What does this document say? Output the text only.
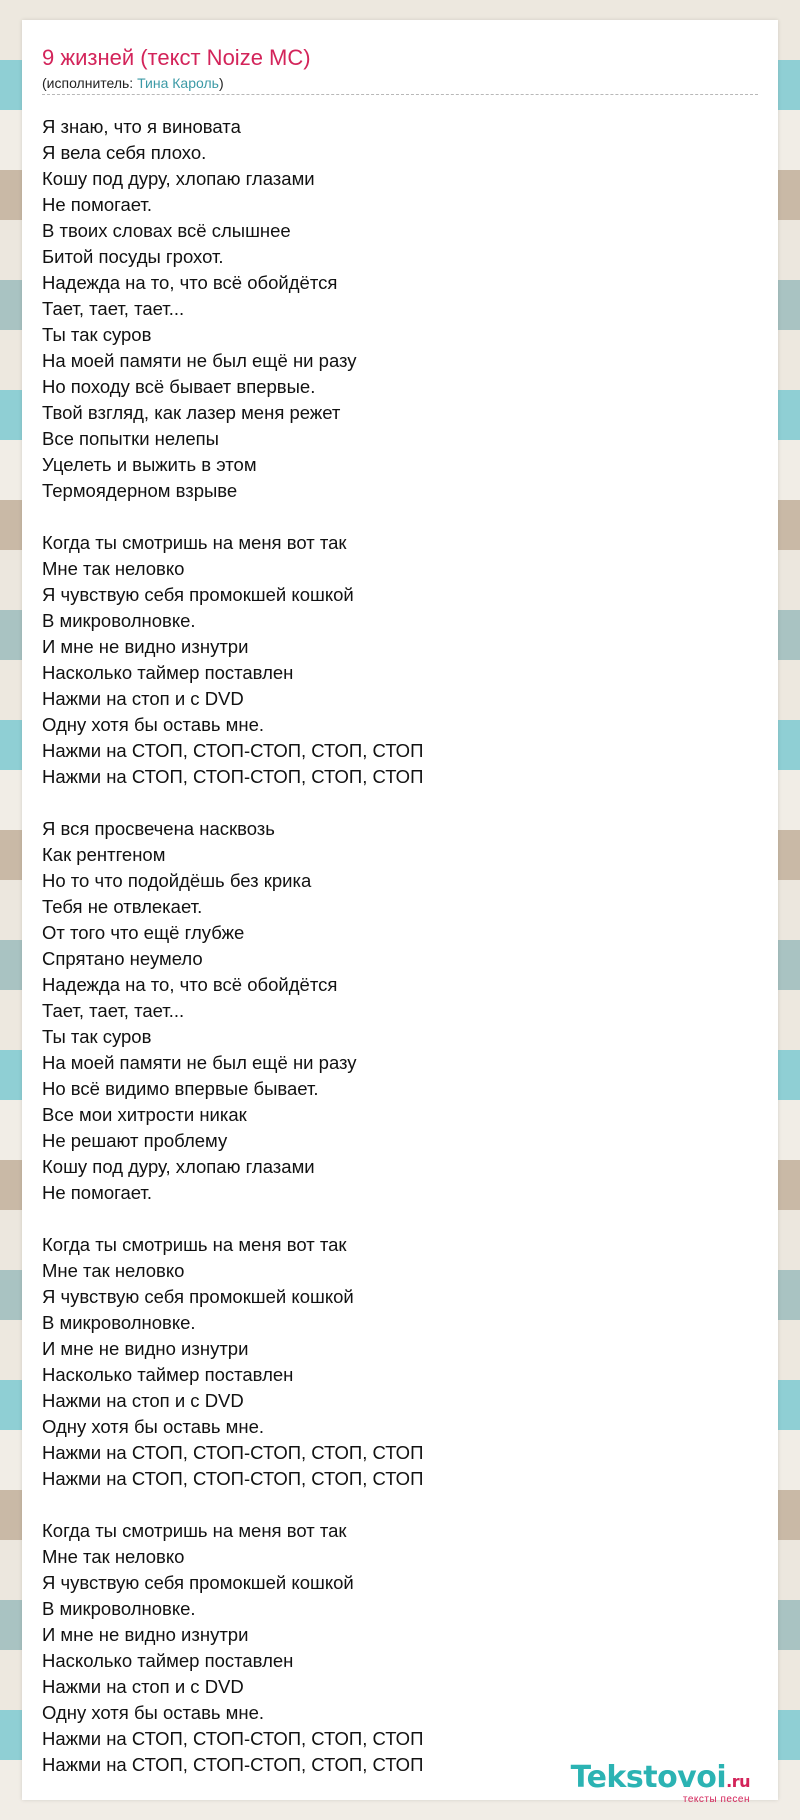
9 жизней (текст Noize MC)
(исполнитель: Тина Кароль)
Я знаю, что я виновата
Я вела себя плохо.
Кошу под дуру, хлопаю глазами
Не помогает.
В твоих словах всё слышнее
Битой посуды грохот.
Надежда на то, что всё обойдётся
Тает, тает, тает...
Ты так суров
На моей памяти не был ещё ни разу
Но походу всё бывает впервые.
Твой взгляд, как лазер меня режет
Все попытки нелепы
Уцелеть и выжить в этом
Термоядерном взрыве
Когда ты смотришь на меня вот так
Мне так неловко
Я чувствую себя промокшей кошкой
В микроволновке.
И мне не видно изнутри
Насколько таймер поставлен
Нажми на стоп и с DVD
Одну хотя бы оставь мне.
Нажми на СТОП, СТОП-СТОП, СТОП, СТОП
Нажми на СТОП, СТОП-СТОП, СТОП, СТОП
Я вся просвечена насквозь
Как рентгеном
Но то что подойдёшь без крика
Тебя не отвлекает.
От того что ещё глубже
Спрятано неумело
Надежда на то, что всё обойдётся
Тает, тает, тает...
Ты так суров
На моей памяти не был ещё ни разу
Но всё видимо впервые бывает.
Все мои хитрости никак
Не решают проблему
Кошу под дуру, хлопаю глазами
Не помогает.
Когда ты смотришь на меня вот так
Мне так неловко
Я чувствую себя промокшей кошкой
В микроволновке.
И мне не видно изнутри
Насколько таймер поставлен
Нажми на стоп и с DVD
Одну хотя бы оставь мне.
Нажми на СТОП, СТОП-СТОП, СТОП, СТОП
Нажми на СТОП, СТОП-СТОП, СТОП, СТОП
Когда ты смотришь на меня вот так
Мне так неловко
Я чувствую себя промокшей кошкой
В микроволновке.
И мне не видно изнутри
Насколько таймер поставлен
Нажми на стоп и с DVD
Одну хотя бы оставь мне.
Нажми на СТОП, СТОП-СТОП, СТОП, СТОП
Нажми на СТОП, СТОП-СТОП, СТОП, СТОП	Tekstovoi.ru
тексты песен
